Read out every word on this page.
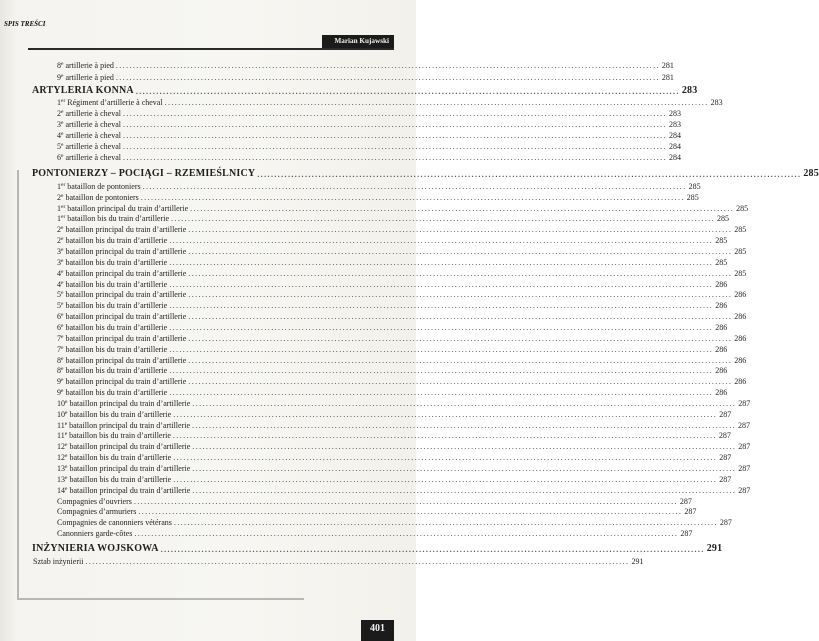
SPIS TREŚCI
Marian Kujawski
8e artillerie à pied ................................................................................................................................................................ 281
9e artillerie à pied ................................................................................................................................................................ 281
ARTYLERIA KONNA ................................................................................................................................................................ 283
1er Régiment d’artillerie à cheval ................................................................................................................................................................ 283
2e artillerie à cheval ................................................................................................................................................................ 283
3e artillerie à cheval ................................................................................................................................................................ 283
4e artillerie à cheval ................................................................................................................................................................ 284
5e artillerie à cheval ................................................................................................................................................................ 284
6e artillerie à cheval ................................................................................................................................................................ 284
PONTONIERZY – POCIĄGI – RZEMIEŚLNICY ................................................................................................................................................................ 285
1er bataillon de pontoniers ................................................................................................................................................................ 285
2e bataillon de pontoniers ................................................................................................................................................................ 285
1er bataillon principal du train d’artillerie ................................................................................................................................................................ 285
1er bataillon bis du train d’artillerie ................................................................................................................................................................ 285
2e bataillon principal du train d’artillerie ................................................................................................................................................................ 285
2e bataillon bis du train d’artillerie ................................................................................................................................................................ 285
3e bataillon principal du train d’artillerie ................................................................................................................................................................ 285
3e bataillon bis du train d’artillerie ................................................................................................................................................................ 285
4e bataillon principal du train d’artillerie ................................................................................................................................................................ 285
4e bataillon bis du train d’artillerie ................................................................................................................................................................ 286
5e bataillon principal du train d’artillerie ................................................................................................................................................................ 286
5e bataillon bis du train d’artillerie ................................................................................................................................................................ 286
6e bataillon principal du train d’artillerie ................................................................................................................................................................ 286
6e bataillon bis du train d’artillerie ................................................................................................................................................................ 286
7e bataillon principal du train d’artillerie ................................................................................................................................................................ 286
7e bataillon bis du train d’artillerie ................................................................................................................................................................ 286
8e bataillon principal du train d’artillerie ................................................................................................................................................................ 286
8e bataillon bis du train d’artillerie ................................................................................................................................................................ 286
9e bataillon principal du train d’artillerie ................................................................................................................................................................ 286
9e bataillon bis du train d’artillerie ................................................................................................................................................................ 286
10e bataillon principal du train d’artillerie ................................................................................................................................................................ 287
10e bataillon bis du train d’artillerie ................................................................................................................................................................ 287
11e bataillon principal du train d’artillerie ................................................................................................................................................................ 287
11e bataillon bis du train d’artillerie ................................................................................................................................................................ 287
12e bataillon principal du train d’artillerie ................................................................................................................................................................ 287
12e bataillon bis du train d’artillerie ................................................................................................................................................................ 287
13e bataillon principal du train d’artillerie ................................................................................................................................................................ 287
13e bataillon bis du train d’artillerie ................................................................................................................................................................ 287
14e bataillon principal du train d’artillerie ................................................................................................................................................................ 287
Compagnies d’ouvriers ................................................................................................................................................................ 287
Compagnies d’armuriers ................................................................................................................................................................ 287
Compagnies de canonniers vétérans ................................................................................................................................................................ 287
Canonniers garde-côtes ................................................................................................................................................................ 287
INŻYNIERIA WOJSKOWA ................................................................................................................................................................ 291
Sztab inżynierii ................................................................................................................................................................ 291
401
